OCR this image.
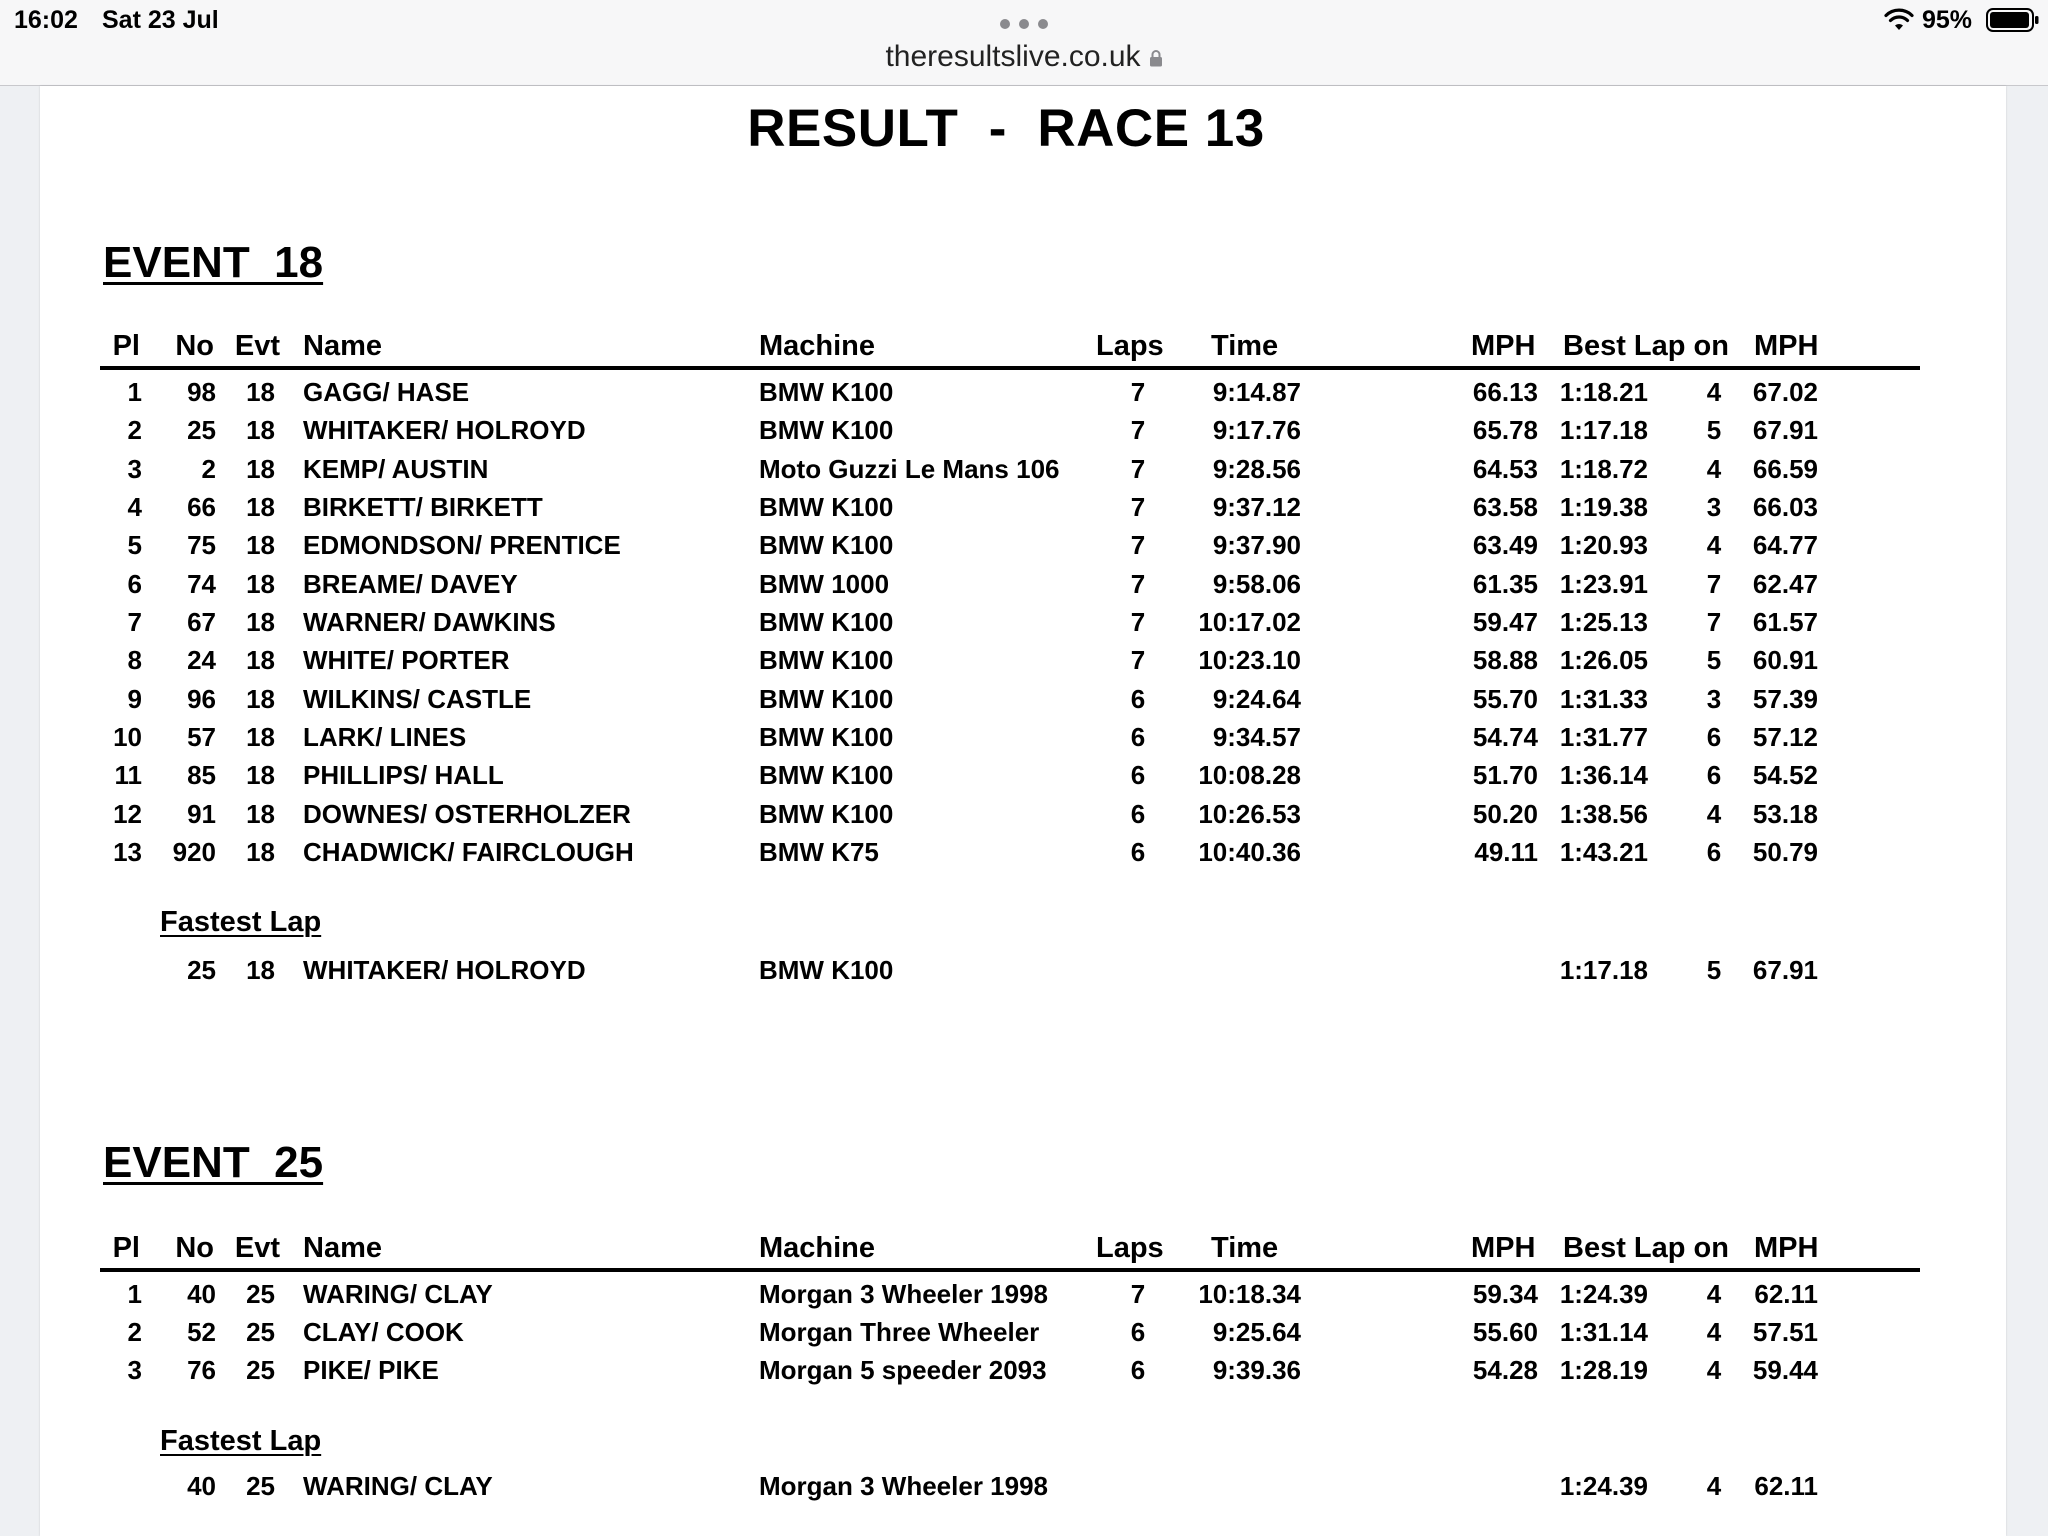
16:02 Sat 23 Jul	95%
theresultslive.co.uk
RESULT  -  RACE 13
EVENT  18
Pl No Evt Name	Machine	Laps Time	MPH Best Lap on MPH
1 98 18 GAGG/ HASE	BMW K100	7	9:14.87	66.13 1:18.21 4 67.02
2 25 18 WHITAKER/ HOLROYD	BMW K100	7	9:17.76	65.78 1:17.18 5 67.91
3 2 18 KEMP/ AUSTIN	Moto Guzzi Le Mans 106	7	9:28.56	64.53 1:18.72 4 66.59
4 66 18 BIRKETT/ BIRKETT	BMW K100	7	9:37.12	63.58 1:19.38 3 66.03
5 75 18 EDMONDSON/ PRENTICE	BMW K100	7	9:37.90	63.49 1:20.93 4 64.77
6 74 18 BREAME/ DAVEY	BMW 1000	7	9:58.06	61.35 1:23.91 7 62.47
7 67 18 WARNER/ DAWKINS	BMW K100	7 10:17.02	59.47 1:25.13 7 61.57
8 24 18 WHITE/ PORTER	BMW K100	7 10:23.10	58.88 1:26.05 5 60.91
9 96 18 WILKINS/ CASTLE	BMW K100	6	9:24.64	55.70 1:31.33 3 57.39
10 57 18 LARK/ LINES	BMW K100	6	9:34.57	54.74 1:31.77 6 57.12
11 85 18 PHILLIPS/ HALL	BMW K100	6 10:08.28	51.70 1:36.14 6 54.52
12 91 18 DOWNES/ OSTERHOLZER	BMW K100	6 10:26.53	50.20 1:38.56 4 53.18
13 920 18 CHADWICK/ FAIRCLOUGH	BMW K75	6 10:40.36	49.11 1:43.21 6 50.79
Fastest Lap
25 18 WHITAKER/ HOLROYD	BMW K100	1:17.18 5 67.91
EVENT  25
Pl No Evt Name	Machine	Laps Time	MPH Best Lap on MPH
1 40 25 WARING/ CLAY	Morgan 3 Wheeler 1998	7 10:18.34	59.34 1:24.39 4 62.11
2 52 25 CLAY/ COOK	Morgan Three Wheeler	6	9:25.64	55.60 1:31.14 4 57.51
3 76 25 PIKE/ PIKE	Morgan 5 speeder 2093	6	9:39.36	54.28 1:28.19 4 59.44
Fastest Lap
40 25 WARING/ CLAY	Morgan 3 Wheeler 1998	1:24.39 4 62.11
